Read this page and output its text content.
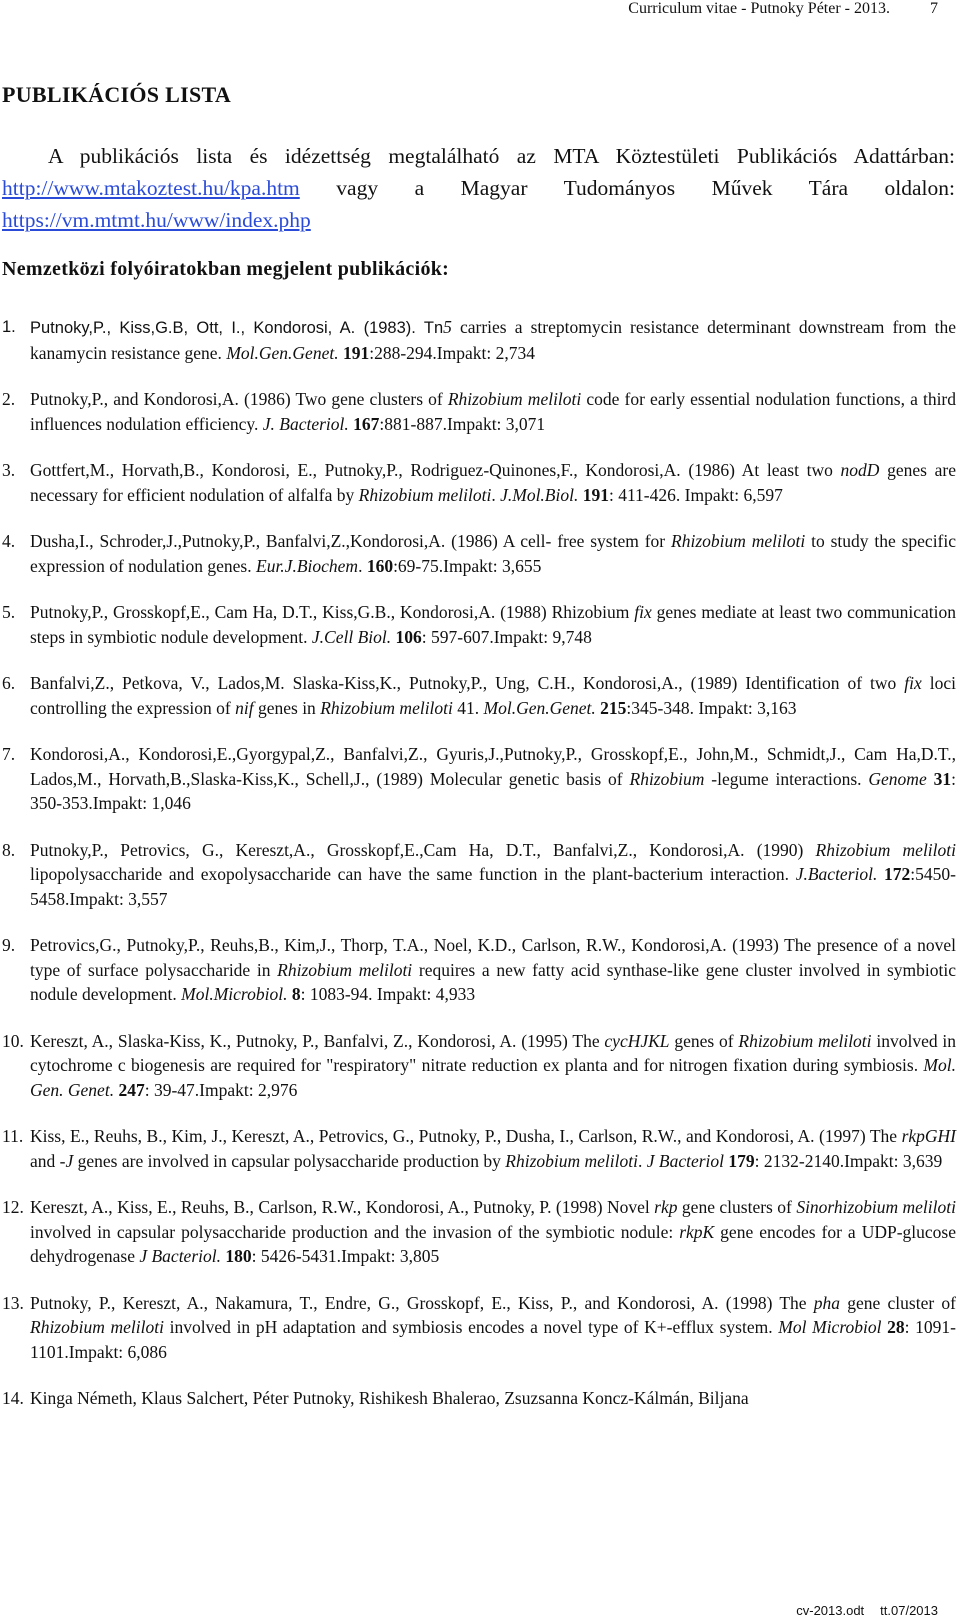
Curriculum vitae - Putnoky Péter - 2013.	7
PUBLIKÁCIÓS LISTA
A publikációs lista és idézettség megtalálható az MTA Köztestületi Publikációs Adattárban: http://www.mtakoztest.hu/kpa.htm vagy a Magyar Tudományos Művek Tára oldalon: https://vm.mtmt.hu/www/index.php
Nemzetközi folyóiratokban megjelent publikációk:
1. Putnoky,P., Kiss,G.B, Ott, I., Kondorosi, A. (1983). Tn5 carries a streptomycin resistance determinant downstream from the kanamycin resistance gene. Mol.Gen.Genet. 191:288-294.Impakt: 2,734
2. Putnoky,P., and Kondorosi,A. (1986) Two gene clusters of Rhizobium meliloti code for early essential nodulation functions, a third influences nodulation efficiency. J. Bacteriol. 167:881-887.Impakt: 3,071
3. Gottfert,M., Horvath,B., Kondorosi, E., Putnoky,P., Rodriguez-Quinones,F., Kondorosi,A. (1986) At least two nodD genes are necessary for efficient nodulation of alfalfa by Rhizobium meliloti. J.Mol.Biol. 191: 411-426. Impakt: 6,597
4. Dusha,I., Schroder,J.,Putnoky,P., Banfalvi,Z.,Kondorosi,A. (1986) A cell- free system for Rhizobium meliloti to study the specific expression of nodulation genes. Eur.J.Biochem. 160:69-75.Impakt: 3,655
5. Putnoky,P., Grosskopf,E., Cam Ha, D.T., Kiss,G.B., Kondorosi,A. (1988) Rhizobium fix genes mediate at least two communication steps in symbiotic nodule development. J.Cell Biol. 106: 597-607.Impakt: 9,748
6. Banfalvi,Z., Petkova, V., Lados,M. Slaska-Kiss,K., Putnoky,P., Ung, C.H., Kondorosi,A., (1989) Identification of two fix loci controlling the expression of nif genes in Rhizobium meliloti 41. Mol.Gen.Genet. 215:345-348. Impakt: 3,163
7. Kondorosi,A., Kondorosi,E.,Gyorgypal,Z., Banfalvi,Z., Gyuris,J.,Putnoky,P., Grosskopf,E., John,M., Schmidt,J., Cam Ha,D.T., Lados,M., Horvath,B.,Slaska-Kiss,K., Schell,J., (1989) Molecular genetic basis of Rhizobium -legume interactions. Genome 31: 350-353.Impakt: 1,046
8. Putnoky,P., Petrovics, G., Kereszt,A., Grosskopf,E.,Cam Ha, D.T., Banfalvi,Z., Kondorosi,A. (1990) Rhizobium meliloti lipopolysaccharide and exopolysaccharide can have the same function in the plant-bacterium interaction. J.Bacteriol. 172:5450-5458.Impakt: 3,557
9. Petrovics,G., Putnoky,P., Reuhs,B., Kim,J., Thorp, T.A., Noel, K.D., Carlson, R.W., Kondorosi,A. (1993) The presence of a novel type of surface polysaccharide in Rhizobium meliloti requires a new fatty acid synthase-like gene cluster involved in symbiotic nodule development. Mol.Microbiol. 8: 1083-94. Impakt: 4,933
10. Kereszt, A., Slaska-Kiss, K., Putnoky, P., Banfalvi, Z., Kondorosi, A. (1995) The cycHJKL genes of Rhizobium meliloti involved in cytochrome c biogenesis are required for "respiratory" nitrate reduction ex planta and for nitrogen fixation during symbiosis. Mol. Gen. Genet. 247: 39-47.Impakt: 2,976
11. Kiss, E., Reuhs, B., Kim, J., Kereszt, A., Petrovics, G., Putnoky, P., Dusha, I., Carlson, R.W., and Kondorosi, A. (1997) The rkpGHI and -J genes are involved in capsular polysaccharide production by Rhizobium meliloti. J Bacteriol 179: 2132-2140.Impakt: 3,639
12. Kereszt, A., Kiss, E., Reuhs, B., Carlson, R.W., Kondorosi, A., Putnoky, P. (1998) Novel rkp gene clusters of Sinorhizobium meliloti involved in capsular polysaccharide production and the invasion of the symbiotic nodule: rkpK gene encodes for a UDP-glucose dehydrogenase J Bacteriol. 180: 5426-5431.Impakt: 3,805
13. Putnoky, P., Kereszt, A., Nakamura, T., Endre, G., Grosskopf, E., Kiss, P., and Kondorosi, A. (1998) The pha gene cluster of Rhizobium meliloti involved in pH adaptation and symbiosis encodes a novel type of K+-efflux system. Mol Microbiol 28: 1091-1101.Impakt: 6,086
14. Kinga Németh, Klaus Salchert, Péter Putnoky, Rishikesh Bhalerao, Zsuzsanna Koncz-Kálmán, Biljana
cv-2013.odt tt.07/2013
